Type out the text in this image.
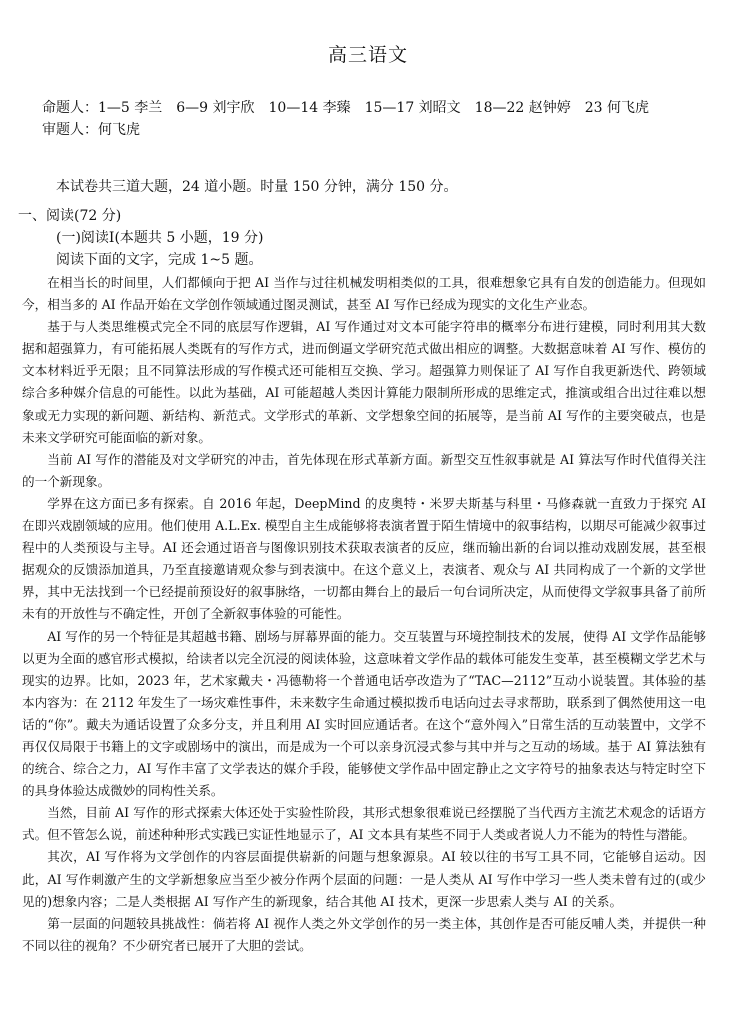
高三语文
命题人：1—5 李兰　6—9 刘宇欣　10—14 李臻　15—17 刘昭文　18—22 赵钟婷　23 何飞虎
审题人：何飞虎
本试卷共三道大题，24 道小题。时量 150 分钟，满分 150 分。
一、阅读(72 分)
(一)阅读Ⅰ(本题共 5 小题，19 分)
阅读下面的文字，完成 1~5 题。

在相当长的时间里，人们都倾向于把 AI 当作与过往机械发明相类似的工具，很难想象它具有自发的创造能力。但现如今，相当多的 AI 作品开始在文学创作领域通过图灵测试，甚至 AI 写作已经成为现实的文化生产业态。

基于与人类思维模式完全不同的底层写作逻辑，AI 写作通过对文本可能字符串的概率分布进行建模，同时利用其大数据和超强算力，有可能拓展人类既有的写作方式，进而倒逼文学研究范式做出相应的调整。大数据意味着 AI 写作、模仿的文本材料近乎无限；且不同算法形成的写作模式还可能相互交换、学习。超强算力则保证了 AI 写作自我更新迭代、跨领域综合多种媒介信息的可能性。以此为基础，AI 可能超越人类因计算能力限制所形成的思维定式，推演或组合出过往难以想象或无力实现的新问题、新结构、新范式。文学形式的革新、文学想象空间的拓展等，是当前 AI 写作的主要突破点，也是未来文学研究可能面临的新对象。

当前 AI 写作的潜能及对文学研究的冲击，首先体现在形式革新方面。新型交互性叙事就是 AI 算法写作时代值得关注的一个新现象。

学界在这方面已多有探索。自 2016 年起，DeepMind 的皮奥特・米罗夫斯基与科里・马修森就一直致力于探究 AI 在即兴戏剧领域的应用。他们使用 A.L.Ex. 模型自主生成能够将表演者置于陌生情境中的叙事结构，以期尽可能减少叙事过程中的人类预设与主导。AI 还会通过语音与图像识别技术获取表演者的反应，继而输出新的台词以推动戏剧发展，甚至根据观众的反馈添加道具，乃至直接邀请观众参与到表演中。在这个意义上，表演者、观众与 AI 共同构成了一个新的文学世界，其中无法找到一个已经提前预设好的叙事脉络，一切都由舞台上的最后一句台词所决定，从而使得文学叙事具备了前所未有的开放性与不确定性，开创了全新叙事体验的可能性。

AI 写作的另一个特征是其超越书籍、剧场与屏幕界面的能力。交互装置与环境控制技术的发展，使得 AI 文学作品能够以更为全面的感官形式模拟，给读者以完全沉浸的阅读体验，这意味着文学作品的载体可能发生变革，甚至模糊文学艺术与现实的边界。比如，2023 年，艺术家戴夫・冯德勒将一个普通电话亭改造为了“TAC—2112”互动小说装置。其体验的基本内容为：在 2112 年发生了一场灾难性事件，未来数字生命通过模拟拨币电话向过去寻求帮助，联系到了偶然使用这一电话的“你”。戴夫为通话设置了众多分支，并且利用 AI 实时回应通话者。在这个“意外闯入”日常生活的互动装置中，文学不再仅仅局限于书籍上的文字或剧场中的演出，而是成为一个可以亲身沉浸式参与其中并与之互动的场域。基于 AI 算法独有的统合、综合之力，AI 写作丰富了文学表达的媒介手段，能够使文学作品中固定静止之文字符号的抽象表达与特定时空下的具身体验达成微妙的同构性关系。

当然，目前 AI 写作的形式探索大体还处于实验性阶段，其形式想象很难说已经摆脱了当代西方主流艺术观念的话语方式。但不管怎么说，前述种种形式实践已实证性地显示了，AI 文本具有某些不同于人类或者说人力不能为的特性与潜能。

其次，AI 写作将为文学创作的内容层面提供崭新的问题与想象源泉。AI 较以往的书写工具不同，它能够自运动。因此，AI 写作刺激产生的文学新想象应当至少被分作两个层面的问题：一是人类从 AI 写作中学习一些人类未曾有过的(或少见的)想象内容；二是人类根据 AI 写作产生的新现象，结合其他 AI 技术，更深一步思索人类与 AI 的关系。

第一层面的问题较具挑战性：倘若将 AI 视作人类之外文学创作的另一类主体，其创作是否可能反哺人类，并提供一种不同以往的视角？不少研究者已展开了大胆的尝试。
